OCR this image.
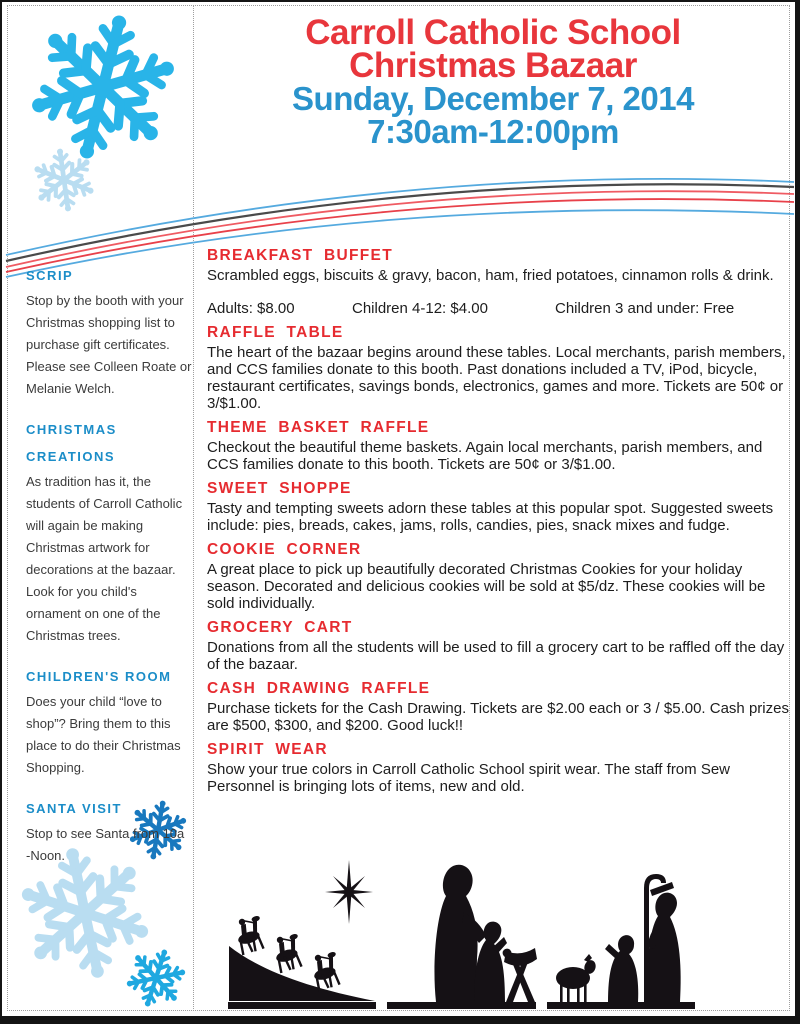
Carroll Catholic School
Christmas Bazaar
Sunday, December 7, 2014
7:30am-12:00pm
SCRIP

Stop by the booth with your Christmas shopping list to purchase gift certificates. Please see Colleen Roate or Melanie Welch.

CHRISTMAS CREATIONS

As tradition has it, the students of Carroll Catholic will again be making Christmas artwork for decorations at the bazaar. Look for you child's ornament on one of the Christmas trees.

CHILDREN'S ROOM

Does your child “love to shop”? Bring them to this place to do their Christmas Shopping.

SANTA VISIT

Stop to see Santa from 10a -Noon.

BREAKFAST BUFFET

Scrambled eggs, biscuits & gravy, bacon, ham, fried potatoes, cinnamon rolls & drink.

Adults: $8.00	Children 4-12: $4.00	Children 3 and under: Free
RAFFLE TABLE

The heart of the bazaar begins around these tables. Local merchants, parish members, and CCS families donate to this booth. Past donations included a TV, iPod, bicycle, restaurant certificates, savings bonds, electronics, games and more. Tickets are 50¢ or 3/$1.00.

THEME BASKET RAFFLE

Checkout the beautiful theme baskets. Again local merchants, parish members, and CCS families donate to this booth. Tickets are 50¢ or 3/$1.00.

SWEET SHOPPE

Tasty and tempting sweets adorn these tables at this popular spot. Suggested sweets include: pies, breads, cakes, jams, rolls, candies, pies, snack mixes and fudge.

COOKIE CORNER

A great place to pick up beautifully decorated Christmas Cookies for your holiday season. Decorated and delicious cookies will be sold at $5/dz. These cookies will be sold individually.

GROCERY CART

Donations from all the students will be used to fill a grocery cart to be raffled off the day of the bazaar.

CASH DRAWING RAFFLE

Purchase tickets for the Cash Drawing. Tickets are $2.00 each or 3 / $5.00. Cash prizes are $500, $300, and $200. Good luck!!

SPIRIT WEAR

Show your true colors in Carroll Catholic School spirit wear. The staff from Sew Personnel is bringing lots of items, new and old.
